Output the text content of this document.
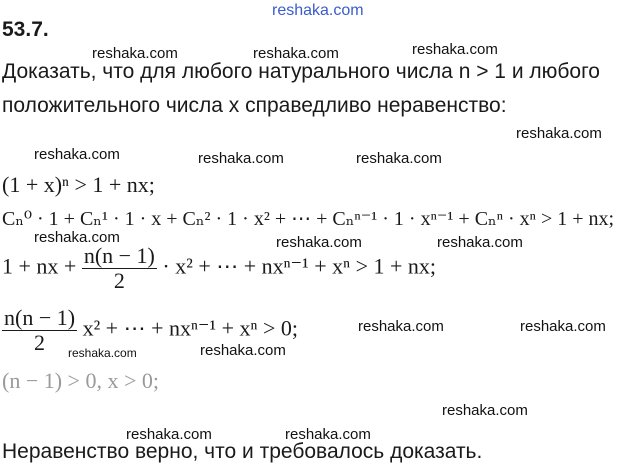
reshaka.com
53.7.
reshaka.com	reshaka.com	reshaka.com
reshaka.com
reshaka.com	reshaka.com	reshaka.com
reshaka.com	reshaka.com	reshaka.com
reshaka.com	reshaka.com
reshaka.com	reshaka.com
reshaka.com
reshaka.com	reshaka.com
Доказать, что для любого натурального числа n > 1 и любого
положительного числа x справедливо неравенство:
(1 + x)ⁿ > 1 + nx;
Cₙ⁰ · 1 + Cₙ¹ · 1 · x + Cₙ² · 1 · x² + ⋯ + Cₙⁿ⁻¹ · 1 · xⁿ⁻¹ + Cₙⁿ · xⁿ > 1 + nx;
1 + nx + $\frac{n(n - 1)}{2} \cdot x^2$ + ⋯ + nxⁿ⁻¹ + xⁿ > 1 + nx;
$\frac{n(n - 1)}{2} x^2$ + ⋯ + nxⁿ⁻¹ + xⁿ > 0;
(n − 1) > 0, x > 0;
Неравенство верно, что и требовалось доказать.
